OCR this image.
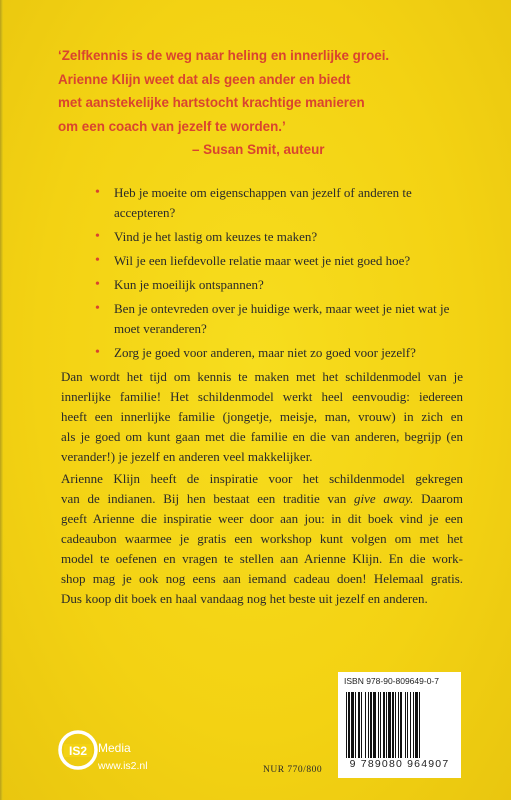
‘Zelfkennis is de weg naar heling en innerlijke groei.

Arienne Klijn weet dat als geen ander en biedt

met aanstekelijke hartstocht krachtige manieren

om een coach van jezelf te worden.’

– Susan Smit, auteur

• Heb je moeite om eigenschappen van jezelf of anderen te accepteren?
• Vind je het lastig om keuzes te maken?
• Wil je een liefdevolle relatie maar weet je niet goed hoe?
• Kun je moeilijk ontspannen?
• Ben je ontevreden over je huidige werk, maar weet je niet wat je moet veranderen?
• Zorg je goed voor anderen, maar niet zo goed voor jezelf?

Dan wordt het tijd om kennis te maken met het schildenmodel van je
innerlijke familie! Het schildenmodel werkt heel eenvoudig: iedereen
heeft een innerlijke familie (jongetje, meisje, man, vrouw) in zich en
als je goed om kunt gaan met die familie en die van anderen, begrijp (en
verander!) je jezelf en anderen veel makkelijker.

Arienne Klijn heeft de inspiratie voor het schildenmodel gekregen
van de indianen. Bij hen bestaat een traditie van give away. Daarom
geeft Arienne die inspiratie weer door aan jou: in dit boek vind je een
cadeaubon waarmee je gratis een workshop kunt volgen om met het
model te oefenen en vragen te stellen aan Arienne Klijn. En die work-
shop mag je ook nog eens aan iemand cadeau doen! Helemaal gratis.
Dus koop dit boek en haal vandaag nog het beste uit jezelf en anderen.

IS2 Media
www.is2.nl	NUR 770/800
ISBN 978-90-809649-0-7
9 789080 964907
